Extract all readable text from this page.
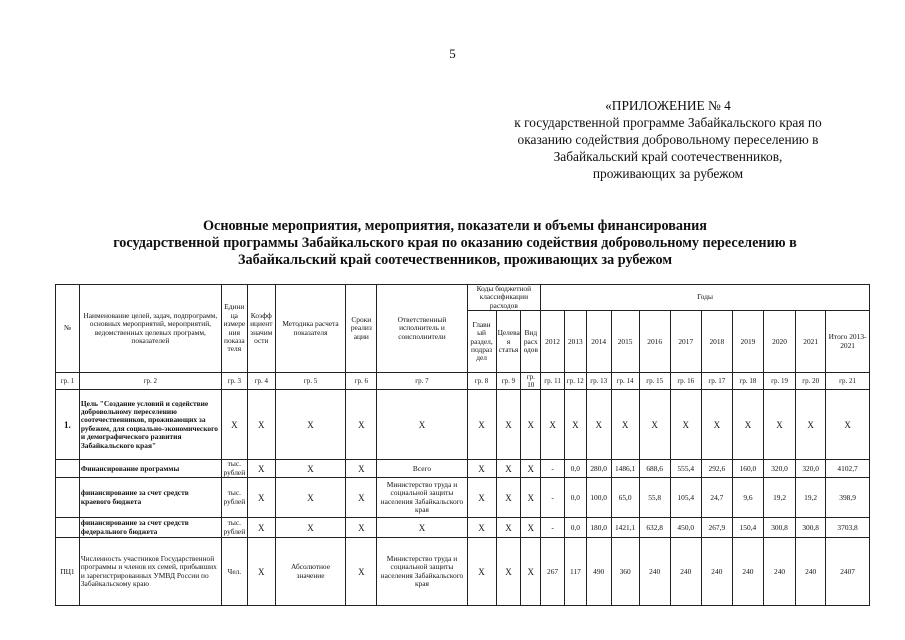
5
«ПРИЛОЖЕНИЕ № 4
к государственной программе Забайкальского края по
оказанию содействия добровольному переселению в
Забайкальский край соотечественников,
проживающих за рубежом
Основные мероприятия, мероприятия, показатели и объемы финансирования
государственной программы Забайкальского края по оказанию содействия добровольному переселению в
Забайкальский край соотечественников, проживающих за рубежом
№	Наименование целей, задач, подпрограмм, основных мероприятий, мероприятий, ведомственных целевых программ, показателей	Едини ца измере ния показа теля	Коэфф ициент значим ости	Методика расчета показателя	Сроки реализ ации	Ответственный исполнитель и соисполнители	Коды бюджетной классификации расходов			Годы										
							Главн ый раздел, подраз дел	Целева я статья	Вид расх одов	2012	2013	2014	2015	2016	2017	2018	2019	2020	2021	Итого 2013-2021
гр. 1	гр. 2	гр. 3	гр. 4	гр. 5	гр. 6	гр. 7	гр. 8	гр. 9	гр. 10	гр. 11	гр. 12	гр. 13	гр. 14	гр. 15	гр. 16	гр. 17	гр. 18	гр. 19	гр. 20	гр. 21
1.	Цель "Создание условий и содействие добровольному переселению соотечественников, проживающих за рубежом, для социально-экономического и демографического развития Забайкальского края"	X	X	X	X	X	X	X	X	X	X	X	X	X	X	X	X	X	X	X
	Финансирование программы	тыс. рублей	X	X	X	Всего	X	X	X	-	0,0	280,0	1486,1	688,6	555,4	292,6	160,0	320,0	320,0	4102,7
	финансирование за счет средств краевого бюджета	тыс. рублей	X	X	X	Министерство труда и социальной защиты населения Забайкальского края	X	X	X	-	0,0	100,0	65,0	55,8	105,4	24,7	9,6	19,2	19,2	398,9
	финансирование за счет средств федерального бюджета	тыс. рублей	X	X	X	X	X	X	X	-	0,0	180,0	1421,1	632,8	450,0	267,9	150,4	300,8	300,8	3703,8
ПЦ1	Численность участников Государственной программы и членов их семей, прибывших и зарегистрированных УМВД России по Забайкальскому краю	Чел.	X	Абсолютное значение	X	Министерство труда и социальной защиты населения Забайкальского края	X	X	X	267	117	490	360	240	240	240	240	240	240	2407
